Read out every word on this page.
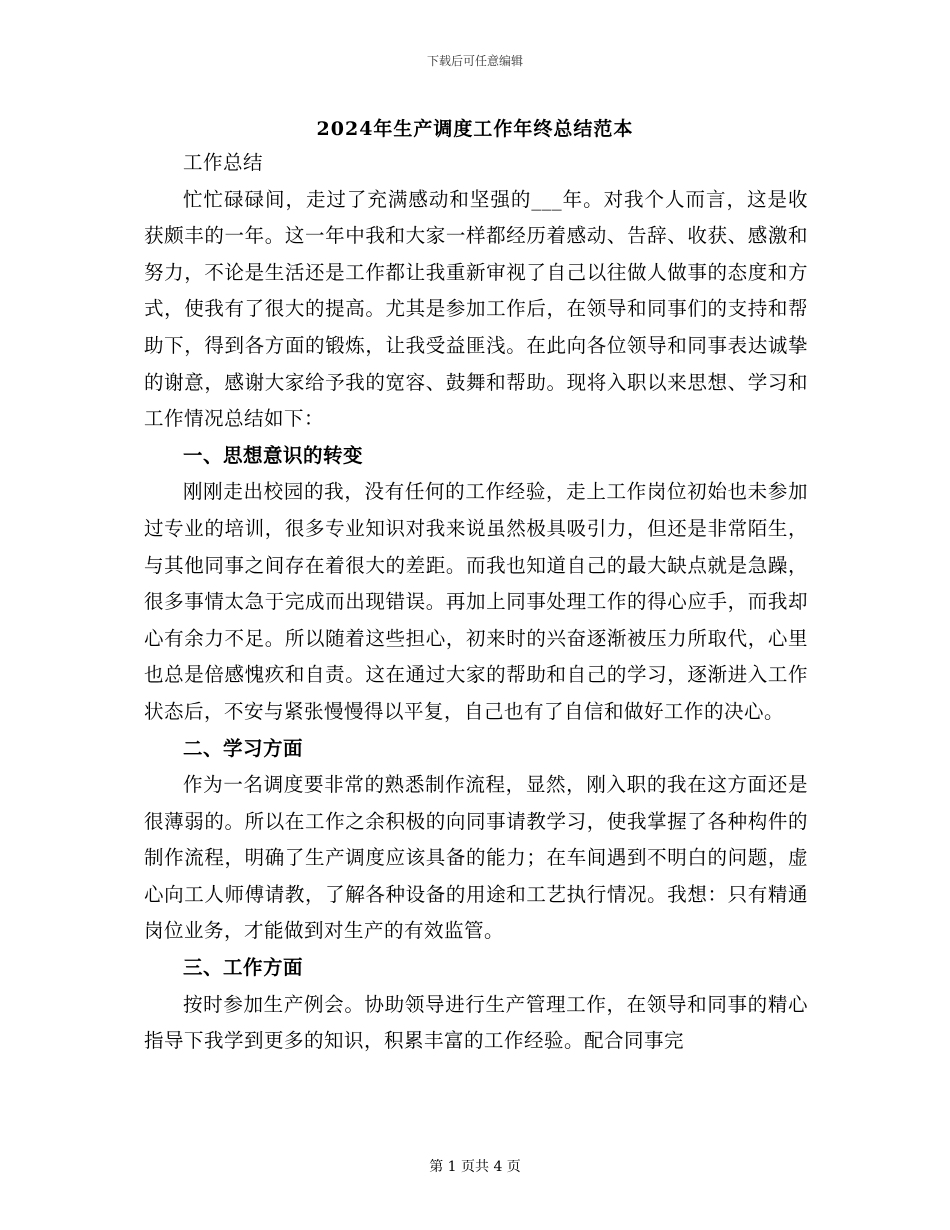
下载后可任意编辑
2024年生产调度工作年终总结范本

工作总结

忙忙碌碌间，走过了充满感动和坚强的___年。对我个人而言，这是收获颇丰的一年。这一年中我和大家一样都经历着感动、告辞、收获、感激和努力，不论是生活还是工作都让我重新审视了自己以往做人做事的态度和方式，使我有了很大的提高。尤其是参加工作后，在领导和同事们的支持和帮助下，得到各方面的锻炼，让我受益匪浅。在此向各位领导和同事表达诚挚的谢意，感谢大家给予我的宽容、鼓舞和帮助。现将入职以来思想、学习和工作情况总结如下：

一、思想意识的转变

刚刚走出校园的我，没有任何的工作经验，走上工作岗位初始也未参加过专业的培训，很多专业知识对我来说虽然极具吸引力，但还是非常陌生，与其他同事之间存在着很大的差距。而我也知道自己的最大缺点就是急躁，很多事情太急于完成而出现错误。再加上同事处理工作的得心应手，而我却心有余力不足。所以随着这些担心，初来时的兴奋逐渐被压力所取代，心里也总是倍感愧疚和自责。这在通过大家的帮助和自己的学习，逐渐进入工作状态后，不安与紧张慢慢得以平复，自己也有了自信和做好工作的决心。

二、学习方面

作为一名调度要非常的熟悉制作流程，显然，刚入职的我在这方面还是很薄弱的。所以在工作之余积极的向同事请教学习，使我掌握了各种构件的制作流程，明确了生产调度应该具备的能力；在车间遇到不明白的问题，虚心向工人师傅请教，了解各种设备的用途和工艺执行情况。我想：只有精通岗位业务，才能做到对生产的有效监管。

三、工作方面

按时参加生产例会。协助领导进行生产管理工作，在领导和同事的精心指导下我学到更多的知识，积累丰富的工作经验。配合同事完

第 1 页共 4 页
